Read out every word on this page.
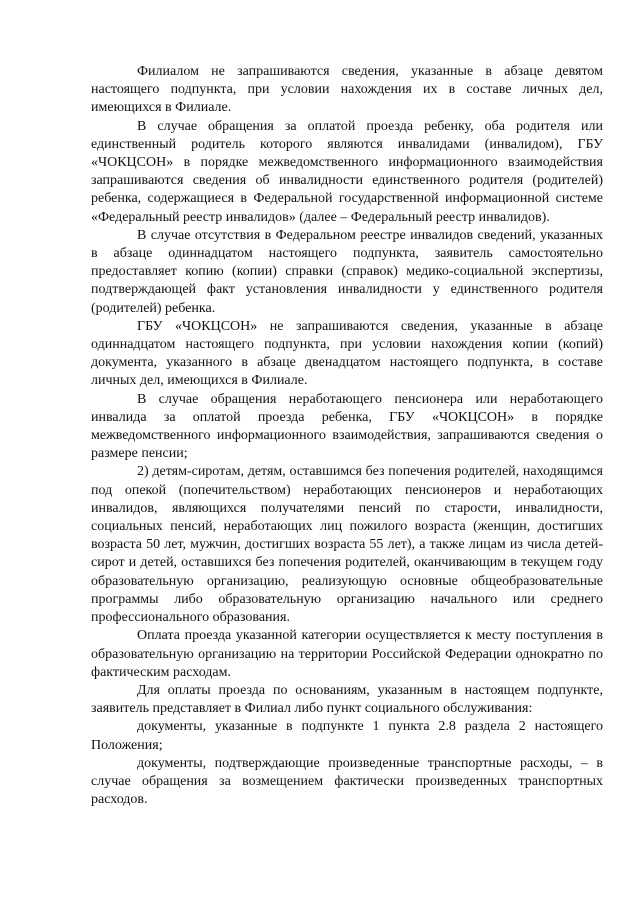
Филиалом не запрашиваются сведения, указанные в абзаце девятом настоящего подпункта, при условии нахождения их в составе личных дел, имеющихся в Филиале.

В случае обращения за оплатой проезда ребенку, оба родителя или единственный родитель которого являются инвалидами (инвалидом), ГБУ «ЧОКЦСОН» в порядке межведомственного информационного взаимодействия запрашиваются сведения об инвалидности единственного родителя (родителей) ребенка, содержащиеся в Федеральной государственной информационной системе «Федеральный реестр инвалидов» (далее – Федеральный реестр инвалидов).

В случае отсутствия в Федеральном реестре инвалидов сведений, указанных в абзаце одиннадцатом настоящего подпункта, заявитель самостоятельно предоставляет копию (копии) справки (справок) медико-социальной экспертизы, подтверждающей факт установления инвалидности у единственного родителя (родителей) ребенка.

ГБУ «ЧОКЦСОН» не запрашиваются сведения, указанные в абзаце одиннадцатом настоящего подпункта, при условии нахождения копии (копий) документа, указанного в абзаце двенадцатом настоящего подпункта, в составе личных дел, имеющихся в Филиале.

В случае обращения неработающего пенсионера или неработающего инвалида за оплатой проезда ребенка, ГБУ «ЧОКЦСОН» в порядке межведомственного информационного взаимодействия, запрашиваются сведения о размере пенсии;

2) детям-сиротам, детям, оставшимся без попечения родителей, находящимся под опекой (попечительством) неработающих пенсионеров и неработающих инвалидов, являющихся получателями пенсий по старости, инвалидности, социальных пенсий, неработающих лиц пожилого возраста (женщин, достигших возраста 50 лет, мужчин, достигших возраста 55 лет), а также лицам из числа детей-сирот и детей, оставшихся без попечения родителей, оканчивающим в текущем году образовательную организацию, реализующую основные общеобразовательные программы либо образовательную организацию начального или среднего профессионального образования.

Оплата проезда указанной категории осуществляется к месту поступления в образовательную организацию на территории Российской Федерации однократно по фактическим расходам.

Для оплаты проезда по основаниям, указанным в настоящем подпункте, заявитель представляет в Филиал либо пункт социального обслуживания:

документы, указанные в подпункте 1 пункта 2.8 раздела 2 настоящего Положения;

документы, подтверждающие произведенные транспортные расходы, – в случае обращения за возмещением фактически произведенных транспортных расходов.
